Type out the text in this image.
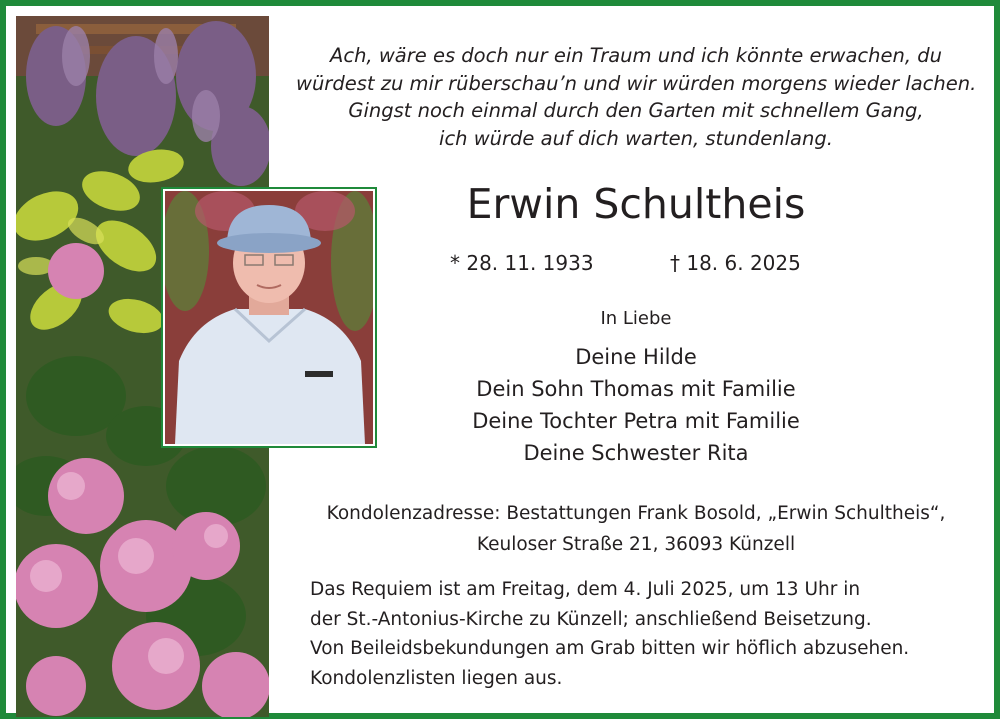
Ach, wäre es doch nur ein Traum und ich könnte erwachen, du
würdest zu mir rüberschau’n und wir würden morgens wieder lachen.
Gingst noch einmal durch den Garten mit schnellem Gang,
ich würde auf dich warten, stundenlang.
Erwin Schultheis
* 28. 11. 1933	† 18. 6. 2025
In Liebe
Deine Hilde
Dein Sohn Thomas mit Familie
Deine Tochter Petra mit Familie
Deine Schwester Rita
Kondolenzadresse: Bestattungen Frank Bosold, „Erwin Schultheis“,
Keuloser Straße 21, 36093 Künzell
Das Requiem ist am Freitag, dem 4. Juli 2025, um 13 Uhr in
der St.-Antonius-Kirche zu Künzell; anschließend Beisetzung.
Von Beileidsbekundungen am Grab bitten wir höflich abzusehen.
Kondolenzlisten liegen aus.
